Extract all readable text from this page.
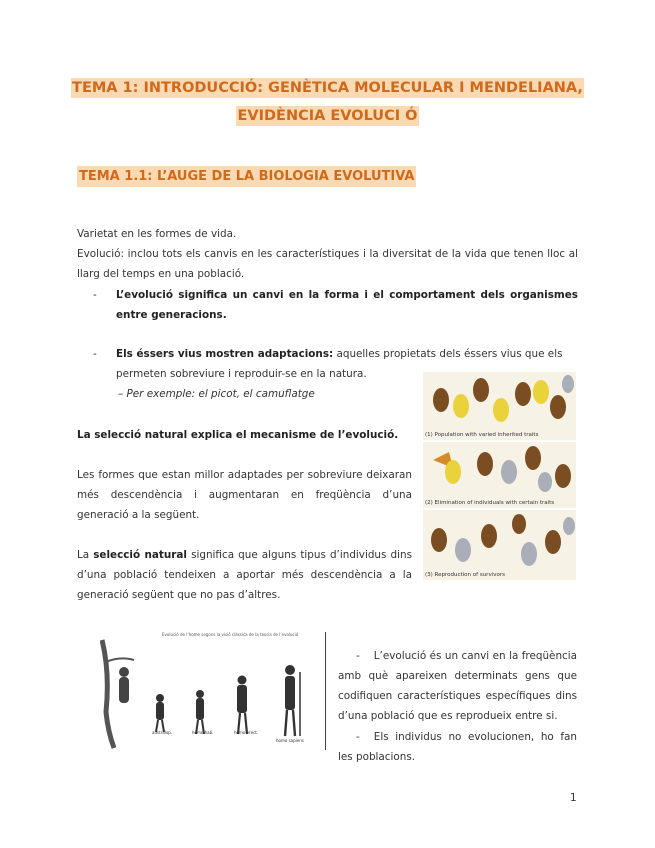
TEMA 1: INTRODUCCIÓ: GENÈTICA MOLECULAR I MENDELIANA,
EVIDÈNCIA EVOLUCI Ó
TEMA 1.1: L’AUGE DE LA BIOLOGIA EVOLUTIVA
Varietat en les formes de vida.
Evolució: inclou tots els canvis en les característiques i la diversitat de la vida que tenen lloc al llarg del temps en una població.
- L’evolució significa un canvi en la forma i el comportament dels organismes entre generacions.
- Els éssers vius mostren adaptacions: aquelles propietats dels éssers vius que els permeten sobreviure i reproduir-se en la natura.
– Per exemple: el picot, el camuflatge
La selecció natural explica el mecanisme de l’evolució.
Les formes que estan millor adaptades per sobreviure deixaran més descendència i augmentaran en freqüència d’una generació a la següent.
La selecció natural significa que alguns tipus d’individus dins d’una població tendeixen a aportar més descendència a la generació següent que no pas d’altres.
(1) Population with varied inherited traits
(2) Elimination of individuals with certain traits
(3) Reproduction of survivors
Evolució de l’home segons la visió clàssica de la teoria de l’evolució
australop.	homo hab.	homo erect.
homo sapiens
- L’evolució és un canvi en la freqüència amb què apareixen determinats gens que codifiquen característiques específiques dins d’una població que es reprodueix entre si.
- Els individus no evolucionen, ho fan les poblacions.
1
